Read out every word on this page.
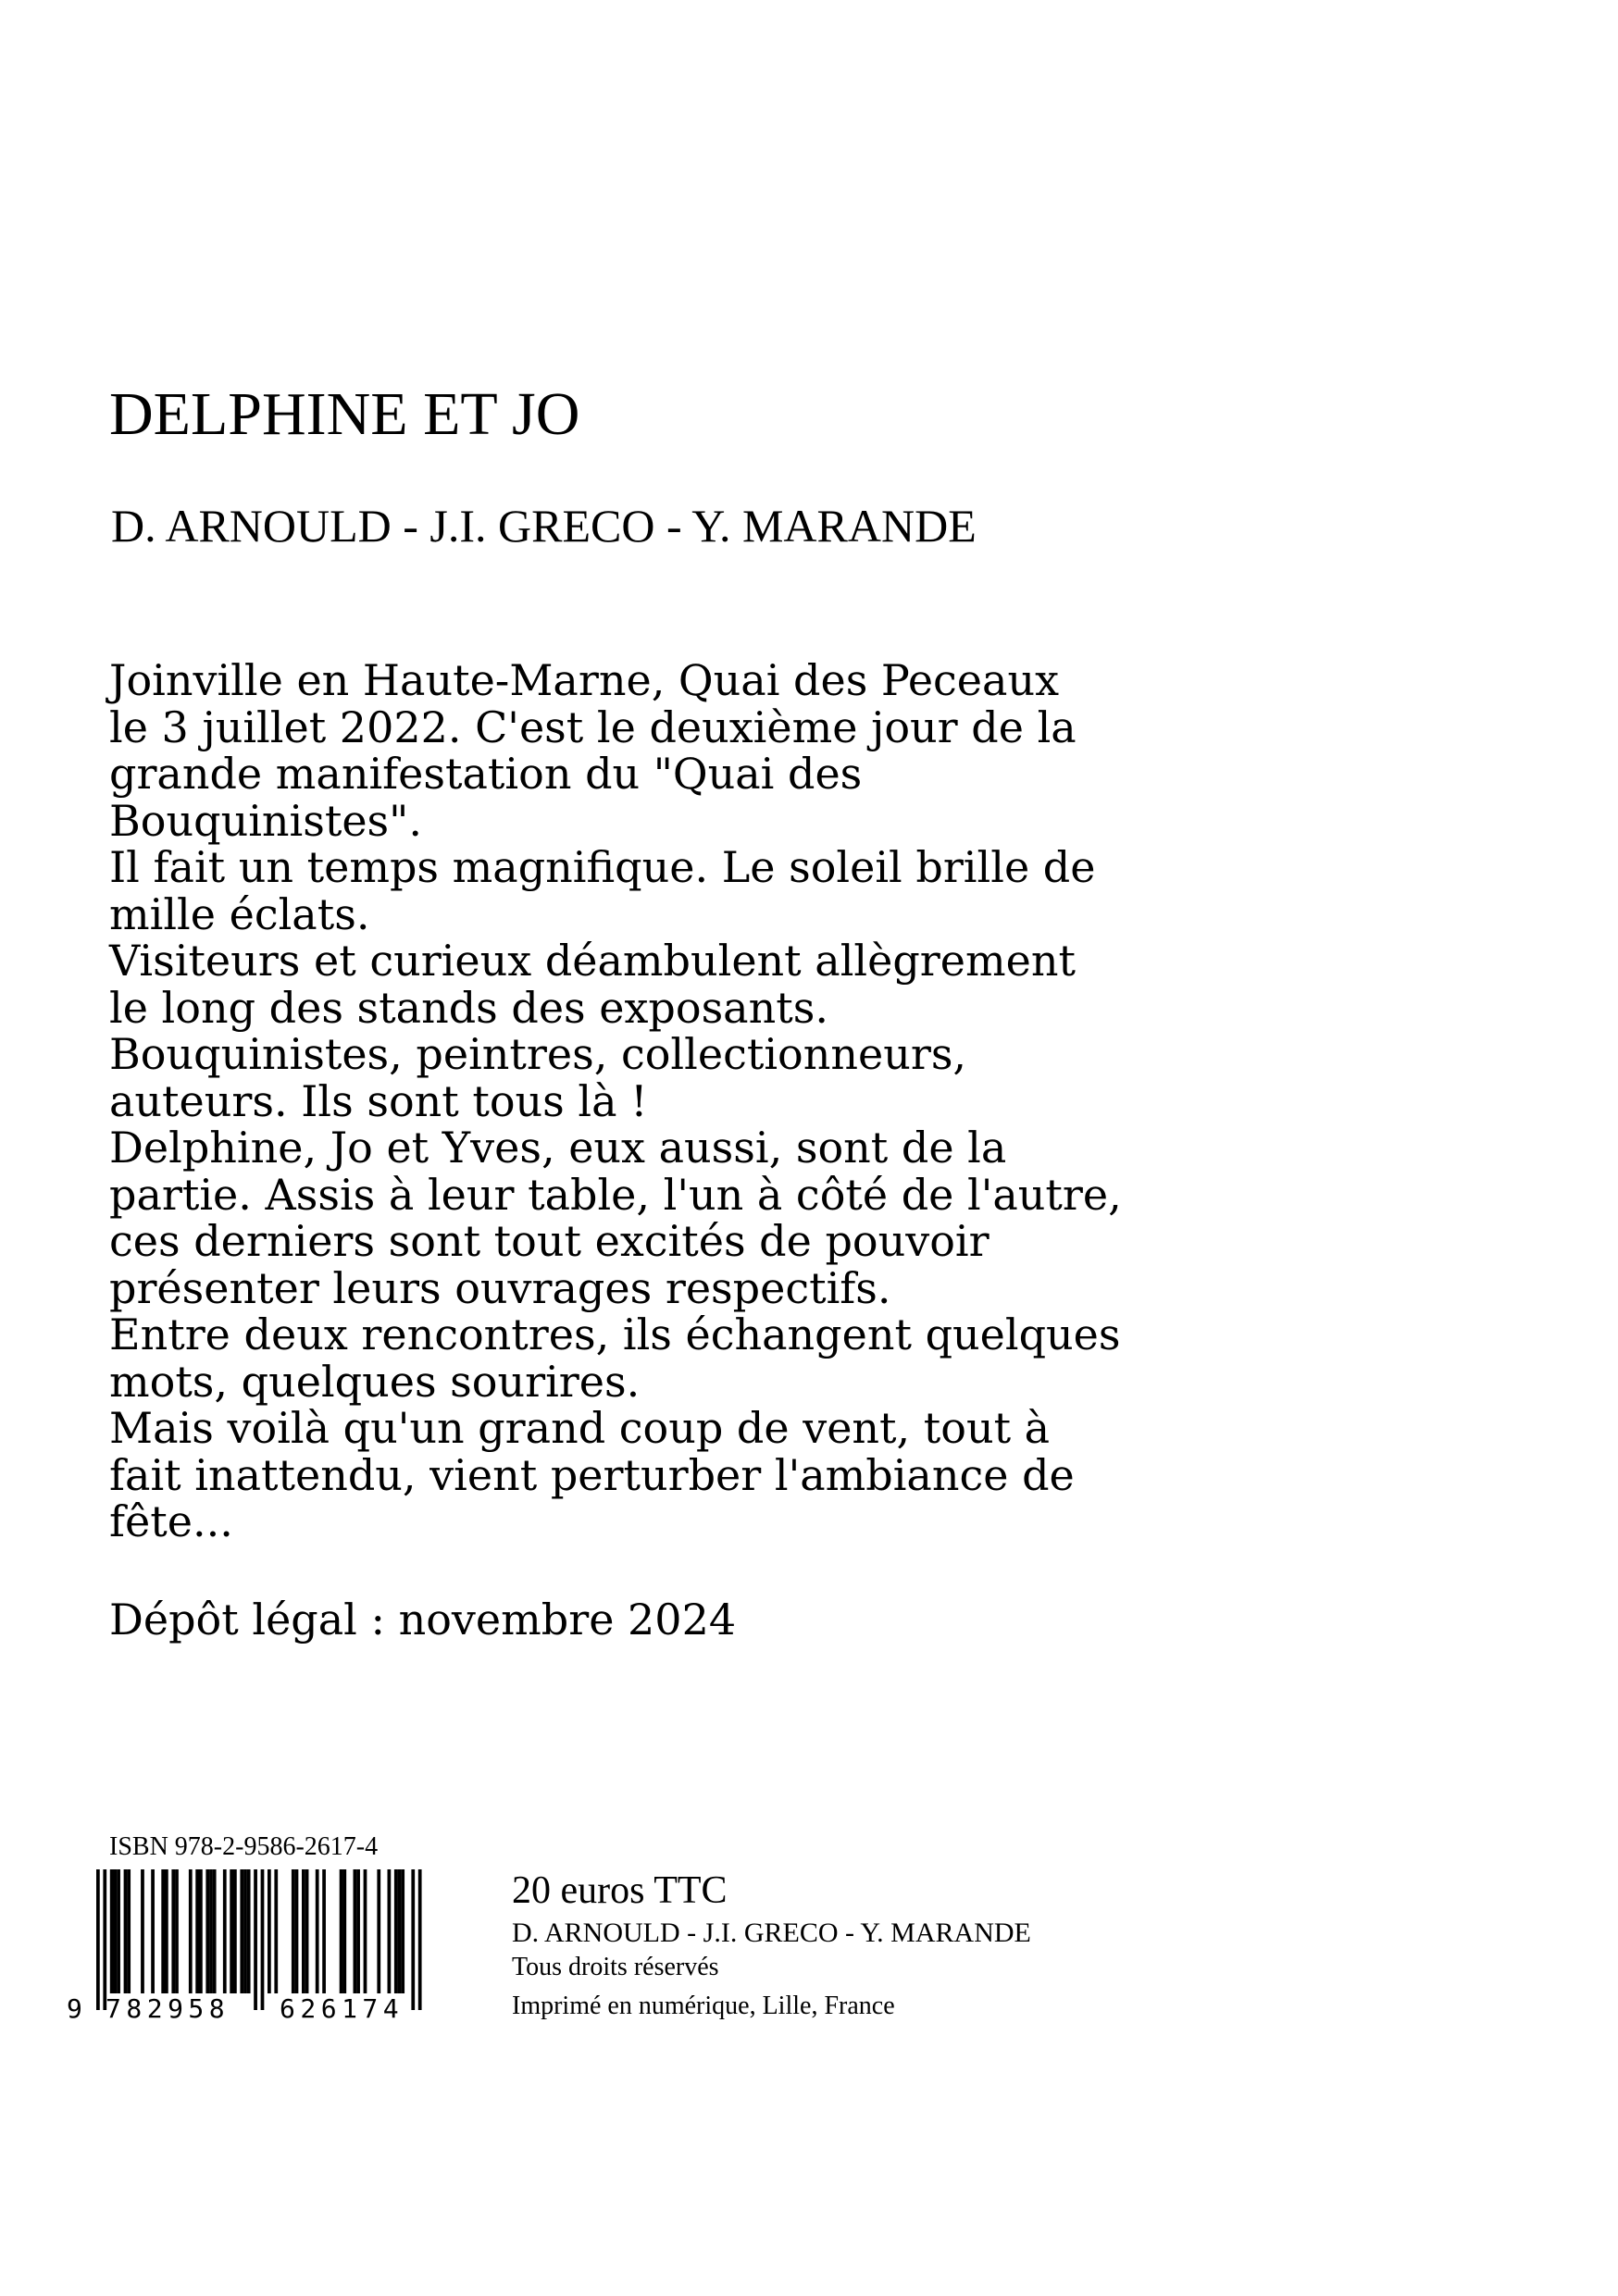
DELPHINE ET JO
D. ARNOULD - J.I. GRECO - Y. MARANDE
Joinville en Haute-Marne, Quai des Peceaux
le 3 juillet 2022. C'est le deuxième jour de la
grande manifestation du "Quai des
Bouquinistes".
Il fait un temps magnifique. Le soleil brille de
mille éclats.
Visiteurs et curieux déambulent allègrement
le long des stands des exposants.
Bouquinistes, peintres, collectionneurs,
auteurs. Ils sont tous là !
Delphine, Jo et Yves, eux aussi, sont de la
partie. Assis à leur table, l'un à côté de l'autre,
ces derniers sont tout excités de pouvoir
présenter leurs ouvrages respectifs.
Entre deux rencontres, ils échangent quelques
mots, quelques sourires.
Mais voilà qu'un grand coup de vent, tout à
fait inattendu, vient perturber l'ambiance de
fête...
Dépôt légal : novembre 2024
ISBN 978-2-9586-2617-4
9 782958 626174
20 euros TTC
D. ARNOULD - J.I. GRECO - Y. MARANDE
Tous droits réservés
Imprimé en numérique, Lille, France
